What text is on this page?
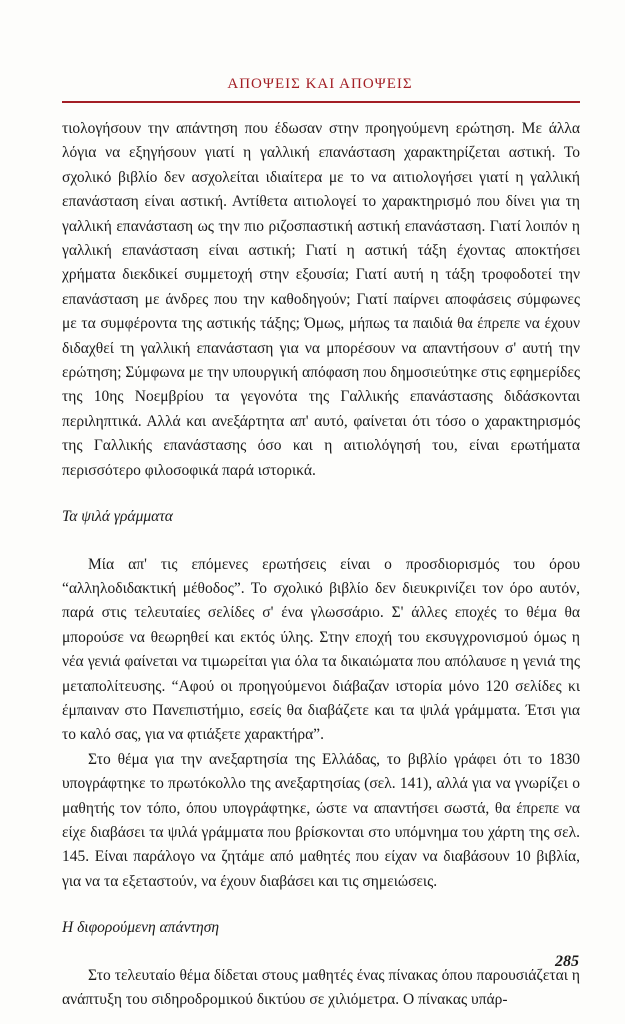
ΑΠΟΨΕΙΣ ΚΑΙ ΑΠΟΨΕΙΣ

τιολογήσουν την απάντηση που έδωσαν στην προηγούμενη ερώτηση. Με άλλα λόγια να εξηγήσουν γιατί η γαλλική επανάσταση χαρακτηρίζεται αστική. Το σχολικό βιβλίο δεν ασχολείται ιδιαίτερα με το να αιτιολογήσει γιατί η γαλλική επανάσταση είναι αστική. Αντίθετα αιτιολογεί το χαρακτηρισμό που δίνει για τη γαλλική επανάσταση ως την πιο ριζοσπαστική αστική επανάσταση. Γιατί λοιπόν η γαλλική επανάσταση είναι αστική; Γιατί η αστική τάξη έχοντας αποκτήσει χρήματα διεκδικεί συμμετοχή στην εξουσία; Γιατί αυτή η τάξη τροφοδοτεί την επανάσταση με άνδρες που την καθοδηγούν; Γιατί παίρνει αποφάσεις σύμφωνες με τα συμφέροντα της αστικής τάξης; Όμως, μήπως τα παιδιά θα έπρεπε να έχουν διδαχθεί τη γαλλική επανάσταση για να μπορέσουν να απαντήσουν σ' αυτή την ερώτηση; Σύμφωνα με την υπουργική απόφαση που δημοσιεύτηκε στις εφημερίδες της 10ης Νοεμβρίου τα γεγονότα της Γαλλικής επανάστασης διδάσκονται περιληπτικά. Αλλά και ανεξάρτητα απ' αυτό, φαίνεται ότι τόσο ο χαρακτηρισμός της Γαλλικής επανάστασης όσο και η αιτιολόγησή του, είναι ερωτήματα περισσότερο φιλοσοφικά παρά ιστορικά.

Τα ψιλά γράμματα

Μία απ' τις επόμενες ερωτήσεις είναι ο προσδιορισμός του όρου “αλληλοδιδακτική μέθοδος”. Το σχολικό βιβλίο δεν διευκρινίζει τον όρο αυτόν, παρά στις τελευταίες σελίδες σ' ένα γλωσσάριο. Σ' άλλες εποχές το θέμα θα μπορούσε να θεωρηθεί και εκτός ύλης. Στην εποχή του εκσυγχρονισμού όμως η νέα γενιά φαίνεται να τιμωρείται για όλα τα δικαιώματα που απόλαυσε η γενιά της μεταπολίτευσης. “Αφού οι προηγούμενοι διάβαζαν ιστορία μόνο 120 σελίδες κι έμπαιναν στο Πανεπιστήμιο, εσείς θα διαβάζετε και τα ψιλά γράμματα. Έτσι για το καλό σας, για να φτιάξετε χαρακτήρα”.

Στο θέμα για την ανεξαρτησία της Ελλάδας, το βιβλίο γράφει ότι το 1830 υπογράφτηκε το πρωτόκολλο της ανεξαρτησίας (σελ. 141), αλλά για να γνωρίζει ο μαθητής τον τόπο, όπου υπογράφτηκε, ώστε να απαντήσει σωστά, θα έπρεπε να είχε διαβάσει τα ψιλά γράμματα που βρίσκονται στο υπόμνημα του χάρτη της σελ. 145. Είναι παράλογο να ζητάμε από μαθητές που είχαν να διαβάσουν 10 βιβλία, για να τα εξεταστούν, να έχουν διαβάσει και τις σημειώσεις.

Η διφορούμενη απάντηση

Στο τελευταίο θέμα δίδεται στους μαθητές ένας πίνακας όπου παρουσιάζεται η ανάπτυξη του σιδηροδρομικού δικτύου σε χιλιόμετρα. Ο πίνακας υπάρ-

285
